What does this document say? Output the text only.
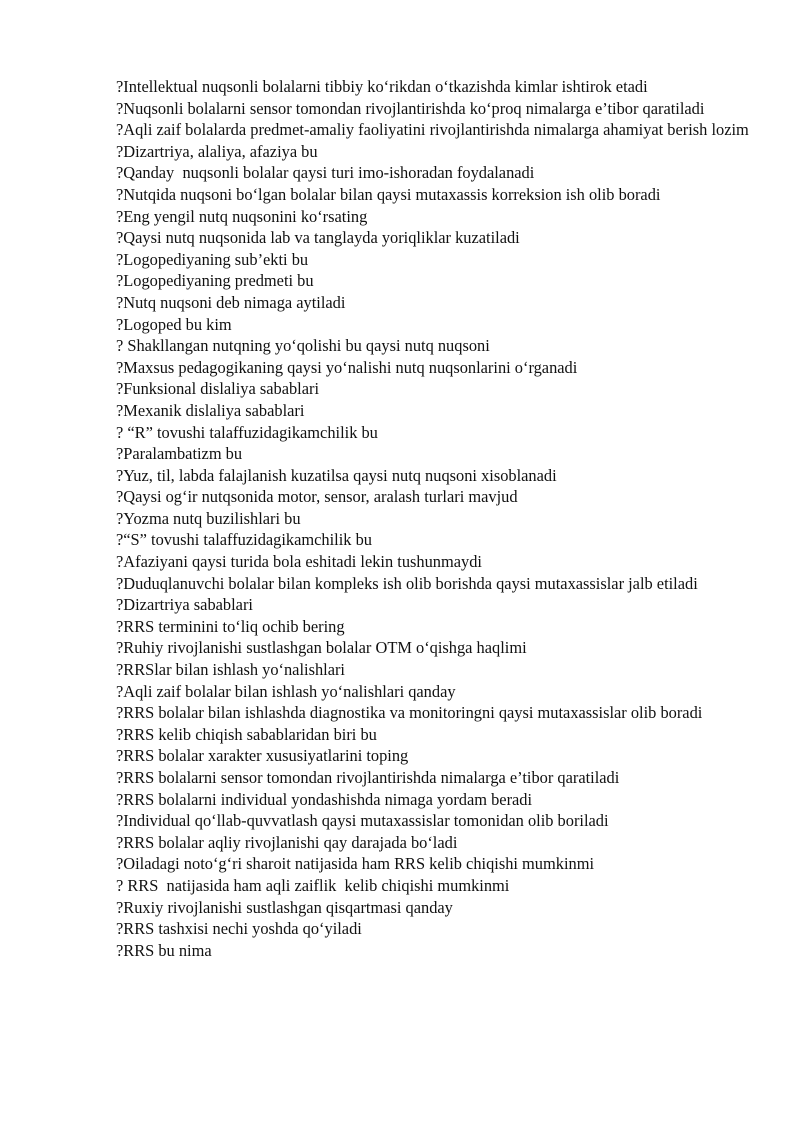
?Intellektual nuqsonli bolalarni tibbiy ko‘rikdan o‘tkazishda kimlar ishtirok etadi

?Nuqsonli bolalarni sensor tomondan rivojlantirishda ko‘proq nimalarga e’tibor qaratiladi

?Aqli zaif bolalarda predmet-amaliy faoliyatini rivojlantirishda nimalarga ahamiyat berish lozim

?Dizartriya, alaliya, afaziya bu

?Qanday  nuqsonli bolalar qaysi turi imo-ishoradan foydalanadi

?Nutqida nuqsoni bo‘lgan bolalar bilan qaysi mutaxassis korreksion ish olib boradi

?Eng yengil nutq nuqsonini ko‘rsating

?Qaysi nutq nuqsonida lab va tanglayda yoriqliklar kuzatiladi

?Logopediyaning sub’ekti bu

?Logopediyaning predmeti bu

?Nutq nuqsoni deb nimaga aytiladi

?Logoped bu kim

? Shakllangan nutqning yo‘qolishi bu qaysi nutq nuqsoni

?Maxsus pedagogikaning qaysi yo‘nalishi nutq nuqsonlarini o‘rganadi

?Funksional dislaliya sabablari

?Mexanik dislaliya sabablari

? “R” tovushi talaffuzidagikamchilik bu

?Paralambatizm bu

?Yuz, til, labda falajlanish kuzatilsa qaysi nutq nuqsoni xisoblanadi

?Qaysi og‘ir nutqsonida motor, sensor, aralash turlari mavjud

?Yozma nutq buzilishlari bu

?“S” tovushi talaffuzidagikamchilik bu

?Afaziyani qaysi turida bola eshitadi lekin tushunmaydi

?Duduqlanuvchi bolalar bilan kompleks ish olib borishda qaysi mutaxassislar jalb etiladi

?Dizartriya sabablari

?RRS terminini to‘liq ochib bering

?Ruhiy rivojlanishi sustlashgan bolalar OTM o‘qishga haqlimi

?RRSlar bilan ishlash yo‘nalishlari

?Aqli zaif bolalar bilan ishlash yo‘nalishlari qanday

?RRS bolalar bilan ishlashda diagnostika va monitoringni qaysi mutaxassislar olib boradi

?RRS kelib chiqish sabablaridan biri bu

?RRS bolalar xarakter xususiyatlarini toping

?RRS bolalarni sensor tomondan rivojlantirishda nimalarga e’tibor qaratiladi

?RRS bolalarni individual yondashishda nimaga yordam beradi

?Individual qo‘llab-quvvatlash qaysi mutaxassislar tomonidan olib boriladi

?RRS bolalar aqliy rivojlanishi qay darajada bo‘ladi

?Oiladagi noto‘g‘ri sharoit natijasida ham RRS kelib chiqishi mumkinmi

? RRS  natijasida ham aqli zaiflik  kelib chiqishi mumkinmi

?Ruxiy rivojlanishi sustlashgan qisqartmasi qanday

?RRS tashxisi nechi yoshda qo‘yiladi

?RRS bu nima
